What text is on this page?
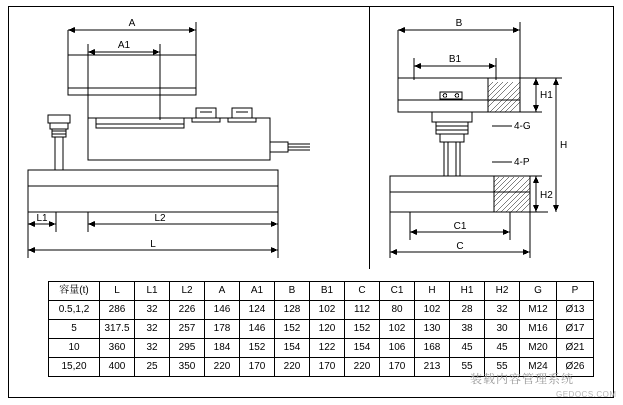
A
A1
L1	L2
L
B
B1
C1
C
H1
H2
H
4-G
4-P
容量(t)	L	L1	L2	A	A1	B	B1	C	C1	H	H1	H2	G	P
0.5,1,2	286	32	226	146	124	128	102	112	80	102	28	32	M12	Ø13
5	317.5	32	257	178	146	152	120	152	102	130	38	30	M16	Ø17
10	360	32	295	184	152	154	122	154	106	168	45	45	M20	Ø21
15,20	400	25	350	220	170	220	170	220	170	213	55	55	M24	Ø26
装载内容管理系统
GEDOCS.COM
